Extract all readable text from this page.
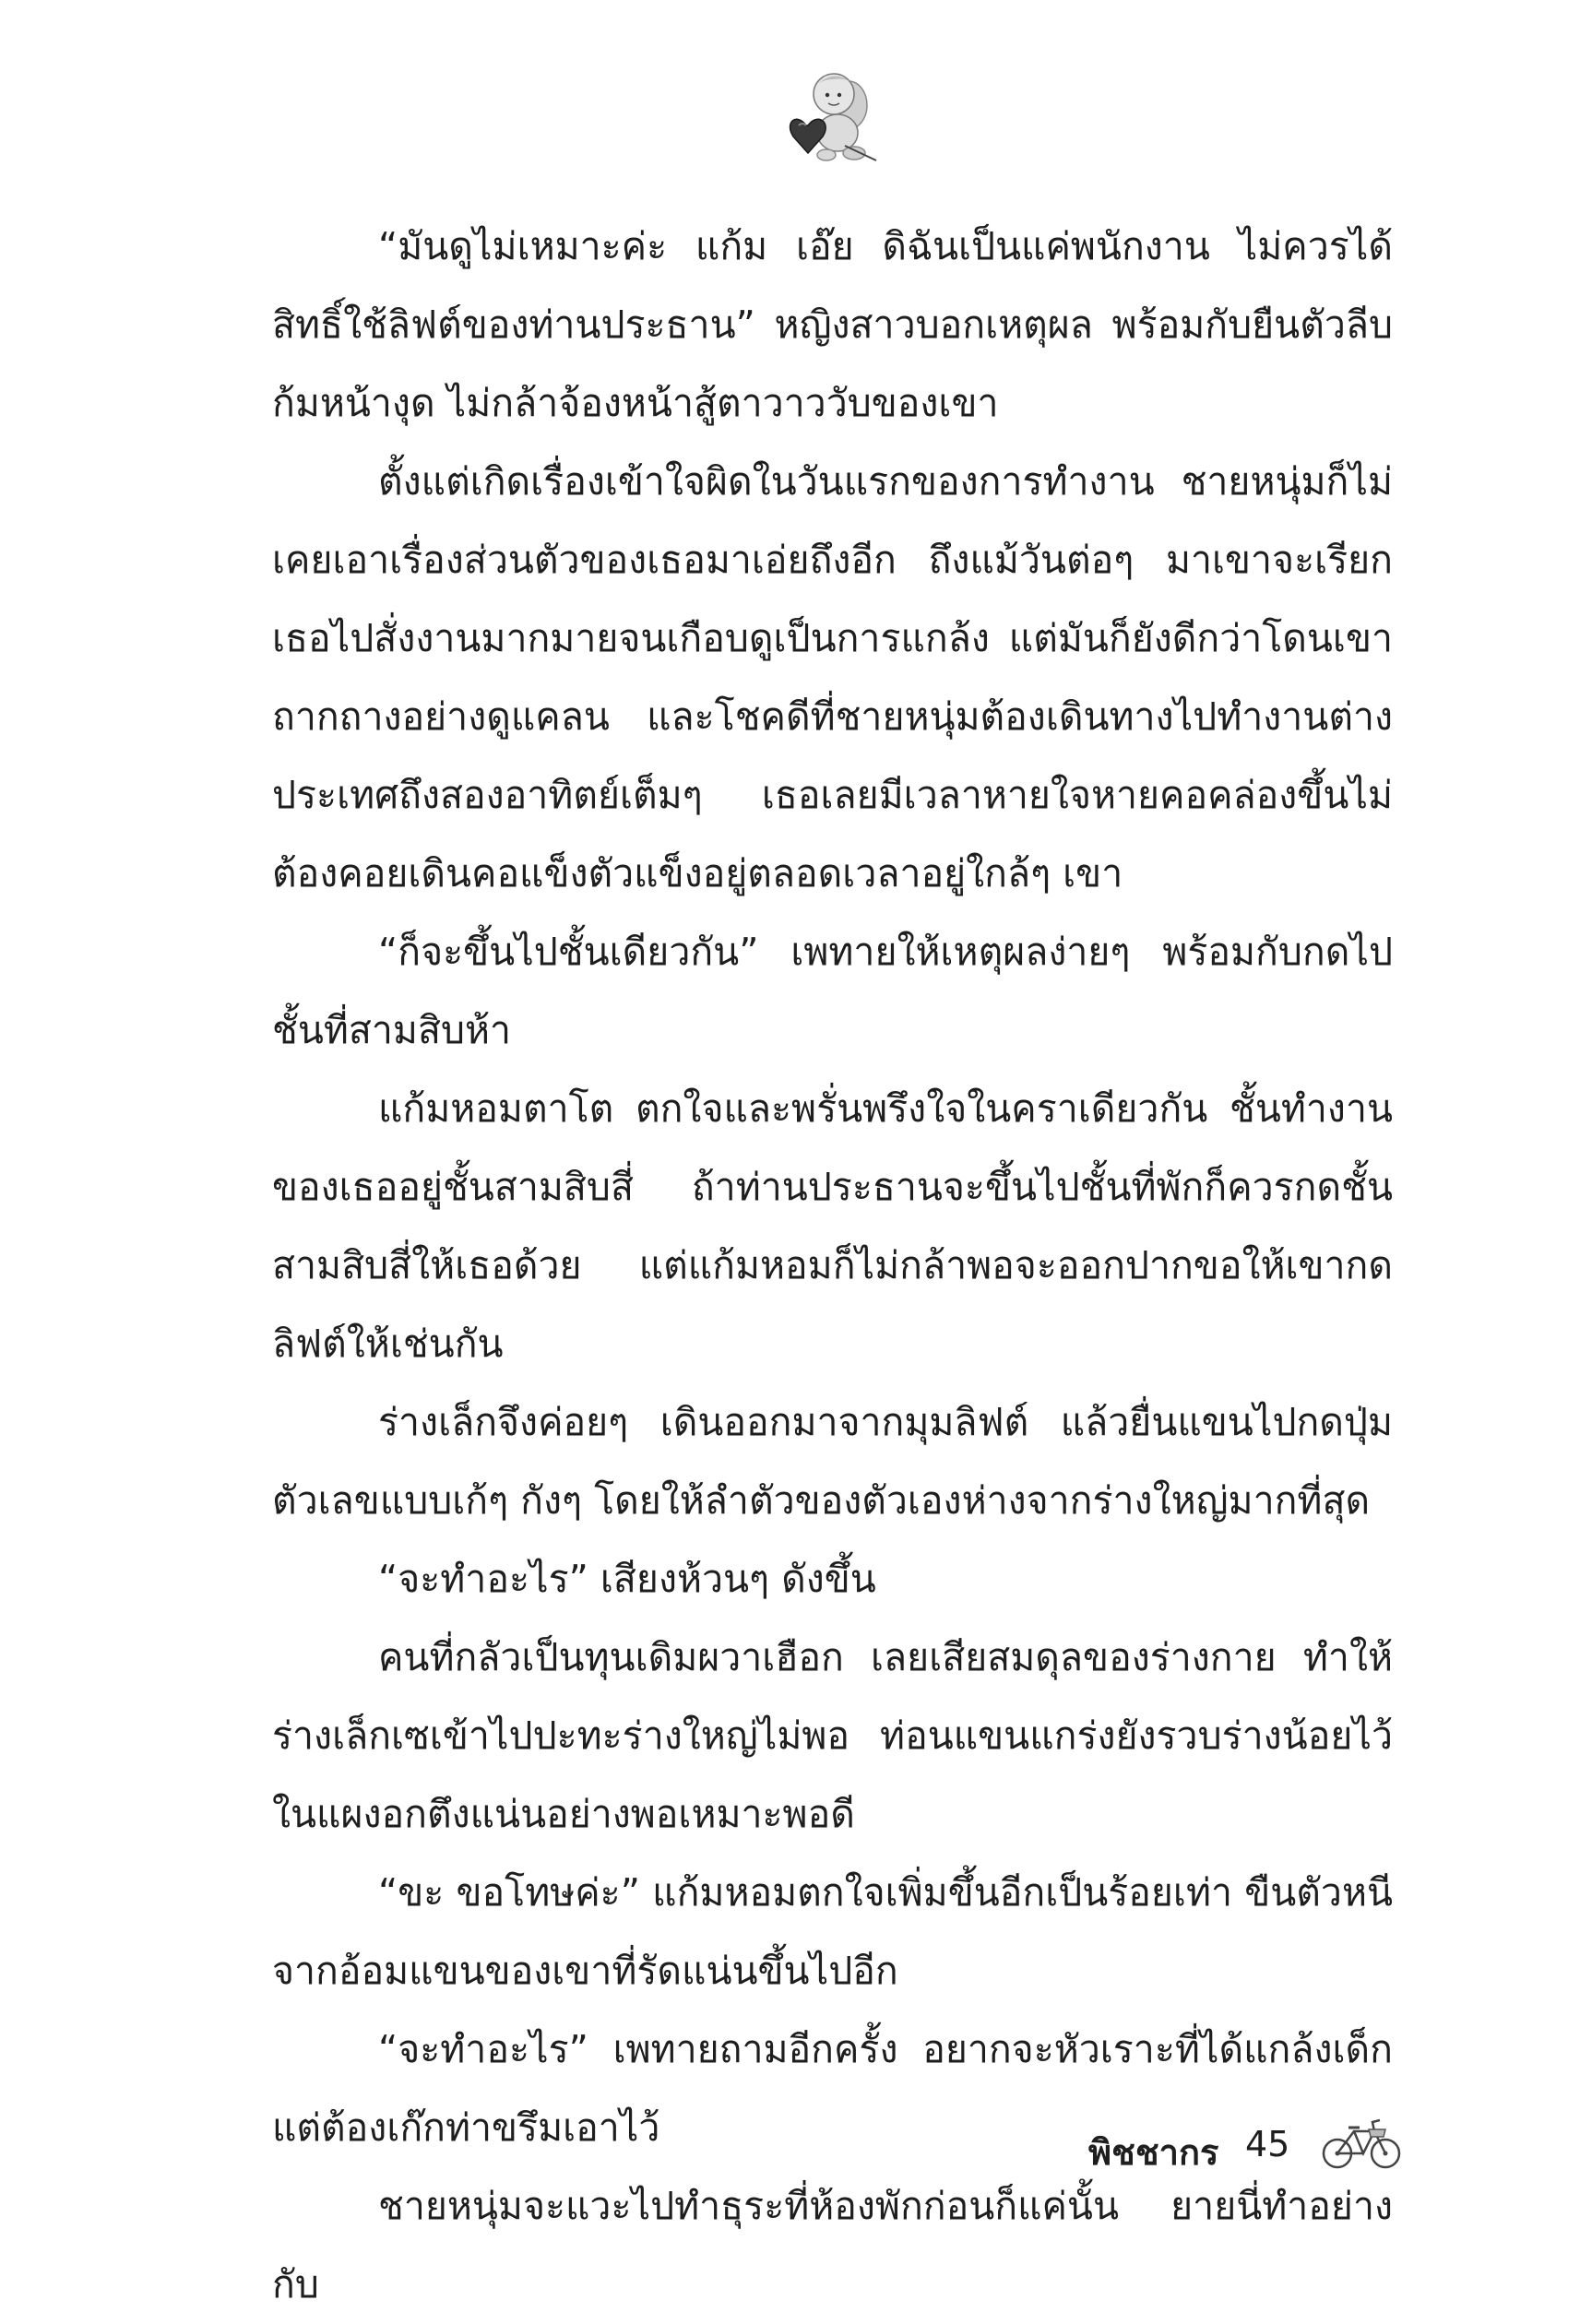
“มันดูไม่เหมาะค่ะ แก้ม เอ๊ย ดิฉันเป็นแค่พนักงาน ไม่ควรได้สิทธิ์ใช้ลิฟต์ของท่านประธาน” หญิงสาวบอกเหตุผล พร้อมกับยืนตัวลีบก้มหน้างุด ไม่กล้าจ้องหน้าสู้ตาวาววับของเขา

ตั้งแต่เกิดเรื่องเข้าใจผิดในวันแรกของการทำงาน ชายหนุ่มก็ไม่เคยเอาเรื่องส่วนตัวของเธอมาเอ่ยถึงอีก ถึงแม้วันต่อๆ มาเขาจะเรียกเธอไปสั่งงานมากมายจนเกือบดูเป็นการแกล้ง แต่มันก็ยังดีกว่าโดนเขาถากถางอย่างดูแคลน และโชคดีที่ชายหนุ่มต้องเดินทางไปทำงานต่างประเทศถึงสองอาทิตย์เต็มๆ เธอเลยมีเวลาหายใจหายคอคล่องขึ้นไม่ต้องคอยเดินคอแข็งตัวแข็งอยู่ตลอดเวลาอยู่ใกล้ๆ เขา

“ก็จะขึ้นไปชั้นเดียวกัน” เพทายให้เหตุผลง่ายๆ พร้อมกับกดไปชั้นที่สามสิบห้า

แก้มหอมตาโต ตกใจและพรั่นพรึงใจในคราเดียวกัน ชั้นทำงานของเธออยู่ชั้นสามสิบสี่ ถ้าท่านประธานจะขึ้นไปชั้นที่พักก็ควรกดชั้นสามสิบสี่ให้เธอด้วย แต่แก้มหอมก็ไม่กล้าพอจะออกปากขอให้เขากดลิฟต์ให้เช่นกัน

ร่างเล็กจึงค่อยๆ เดินออกมาจากมุมลิฟต์ แล้วยื่นแขนไปกดปุ่มตัวเลขแบบเก้ๆ กังๆ โดยให้ลำตัวของตัวเองห่างจากร่างใหญ่มากที่สุด

“จะทำอะไร” เสียงห้วนๆ ดังขึ้น

คนที่กลัวเป็นทุนเดิมผวาเฮือก เลยเสียสมดุลของร่างกาย ทำให้ร่างเล็กเซเข้าไปปะทะร่างใหญ่ไม่พอ ท่อนแขนแกร่งยังรวบร่างน้อยไว้ในแผงอกตึงแน่นอย่างพอเหมาะพอดี

“ขะ ขอโทษค่ะ” แก้มหอมตกใจเพิ่มขึ้นอีกเป็นร้อยเท่า ขืนตัวหนีจากอ้อมแขนของเขาที่รัดแน่นขึ้นไปอีก

“จะทำอะไร” เพทายถามอีกครั้ง อยากจะหัวเราะที่ได้แกล้งเด็กแต่ต้องเก๊กท่าขรึมเอาไว้

ชายหนุ่มจะแวะไปทำธุระที่ห้องพักก่อนก็แค่นั้น ยายนี่ทำอย่างกับ

พิชชากร 45
